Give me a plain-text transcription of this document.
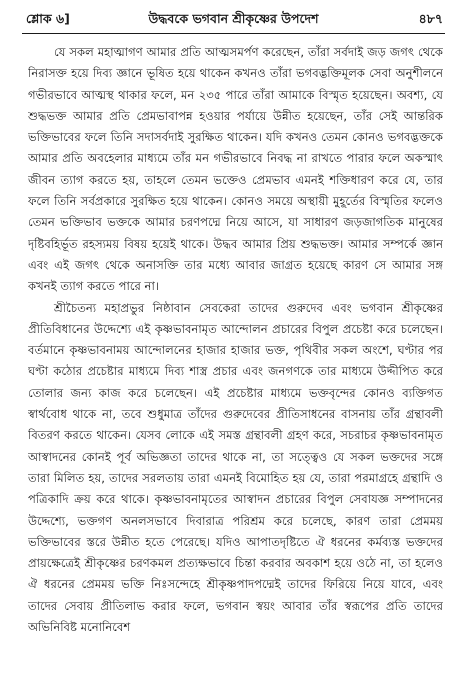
শ্লোক ৬]	উদ্ধবকে ভগবান শ্রীকৃষ্ণের উপদেশ	৪৮৭

যে সকল মহাত্মাগণ আমার প্রতি আত্মসমর্পণ করেছেন, তাঁরা সর্বদাই জড় জগৎ থেকে নিরাসক্ত হয়ে দিব্য জ্ঞানে ভূষিত হয়ে থাকেন কখনও তাঁরা ভগবদ্ভক্তিমূলক সেবা অনুশীলনে গভীরভাবে আত্মস্থ থাকার ফলে, মন ২৩৫ পারে তাঁরা আমাকে বিস্মৃত হয়েছেন। অবশ্য, যে শুদ্ধভক্ত আমার প্রতি প্রেমভাবাপন্ন হওয়ার পর্যায়ে উন্নীত হয়েছেন, তাঁর সেই আন্তরিক ভক্তিভাবের ফলে তিনি সদাসর্বদাই সুরক্ষিত থাকেন। যদি কখনও তেমন কোনও ভগবদ্ভক্তকে আমার প্রতি অবহেলার মাধ্যমে তাঁর মন গভীরভাবে নিবদ্ধ না রাখতে পারার ফলে অকস্মাৎ জীবন ত্যাগ করতে হয়, তাহলে তেমন ভক্তেও প্রেমভাব এমনই শক্তিধারণ করে যে, তার ফলে তিনি সর্বপ্রকারে সুরক্ষিত হয়ে থাকেন। কোনও সময়ে অস্থায়ী মুহূর্তের বিস্মৃতির ফলেও তেমন ভক্তিভাব ভক্তকে আমার চরণপদ্মে নিয়ে আসে, যা সাধারণ জড়জাগতিক মানুষের দৃষ্টিবহির্ভূত রহস্যময় বিষয় হয়েই থাকে। উদ্ধব আমার প্রিয় শুদ্ধভক্ত। আমার সম্পর্কে জ্ঞান এবং এই জগৎ থেকে অনাসক্তি তার মধ্যে আবার জাগ্রত হয়েছে কারণ সে আমার সঙ্গ কখনই ত্যাগ করতে পারে না।

শ্রীচৈতন্য মহাপ্রভুর নিষ্ঠাবান সেবকেরা তাদের গুরুদেব এবং ভগবান শ্রীকৃষ্ণের প্রীতিবিধানের উদ্দেশ্যে এই কৃষ্ণভাবনামৃত আন্দোলন প্রচারের বিপুল প্রচেষ্টা করে চলেছেন। বর্তমানে কৃষ্ণভাবনাময় আন্দোলনের হাজার হাজার ভক্ত, পৃথিবীর সকল অংশে, ঘণ্টার পর ঘণ্টা কঠোর প্রচেষ্টার মাধ্যমে দিব্য শাস্ত্র প্রচার এবং জনগণকে তার মাধ্যমে উদ্দীপিত করে তোলার জন্য কাজ করে চলেছেন। এই প্রচেষ্টার মাধ্যমে ভক্তবৃন্দের কোনও ব্যক্তিগত স্বার্থবোধ থাকে না, তবে শুধুমাত্র তাঁদের গুরুদেবের প্রীতিসাধনের বাসনায় তাঁর গ্রন্থাবলী বিতরণ করতে থাকেন। যেসব লোকে এই সমস্ত গ্রন্থাবলী গ্রহণ করে, সচরাচর কৃষ্ণভাবনামৃত আস্বাদনের কোনই পূর্ব অভিজ্ঞতা তাদের থাকে না, তা সত্ত্বেও যে সকল ভক্তদের সঙ্গে তারা মিলিত হয়, তাদের সরলতায় তারা এমনই বিমোহিত হয় যে, তারা পরমাগ্রহে গ্রন্থাদি ও পত্রিকাদি ক্রয় করে থাকে। কৃষ্ণভাবনামৃতের আস্বাদন প্রচারের বিপুল সেবাযজ্ঞ সম্পাদনের উদ্দেশ্যে, ভক্তগণ অনলসভাবে দিবারাত্র পরিশ্রম করে চলেছে, কারণ তারা প্রেমময় ভক্তিভাবের স্তরে উন্নীত হতে পেরেছে। যদিও আপাতদৃষ্টিতে ঐ ধরনের কর্মব্যস্ত ভক্তদের প্রায়ক্ষেত্রেই শ্রীকৃষ্ণের চরণকমল প্রত্যক্ষভাবে চিন্তা করবার অবকাশ হয়ে ওঠে না, তা হলেও ঐ ধরনের প্রেমময় ভক্তি নিঃসন্দেহে শ্রীকৃষ্ণপাদপদ্মেই তাদের ফিরিয়ে নিয়ে যাবে, এবং তাদের সেবায় প্রীতিলাভ করার ফলে, ভগবান স্বয়ং আবার তাঁর স্বরূপের প্রতি তাদের অভিনিবিষ্ট মনোনিবেশ
